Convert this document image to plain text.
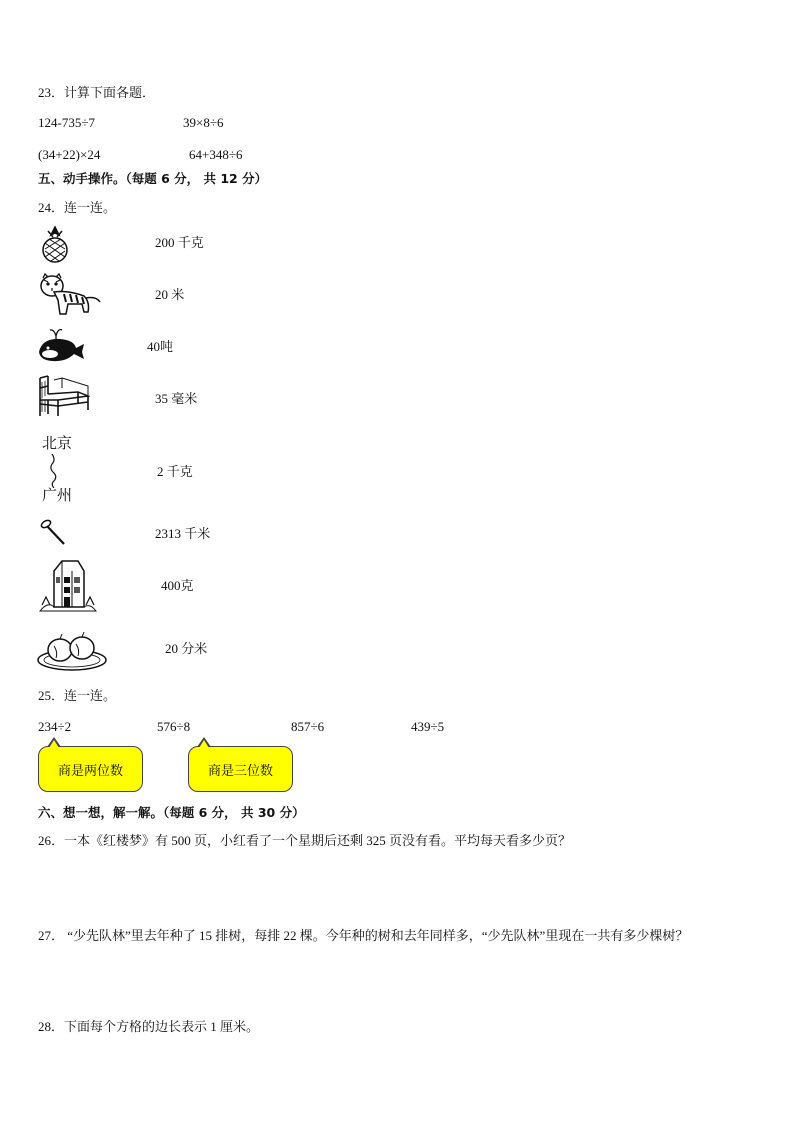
23．计算下面各题．
124-735÷7	39×8÷6
(34+22)×24	64+348÷6
五、动手操作。（每题 6 分， 共 12 分）
24．连一连。
200 千克
20 米
40吨
35 毫米
北京
广州
2 千克
2313 千米
400克
20 分米
25．连一连。
234÷2	576÷8	857÷6	439÷5
商是两位数	商是三位数
六、想一想，解一解。（每题 6 分， 共 30 分）
26．一本《红楼梦》有 500 页，小红看了一个星期后还剩 325 页没有看。平均每天看多少页？
27． “少先队林”里去年种了 15 排树，每排 22 棵。今年种的树和去年同样多，“少先队林”里现在一共有多少棵树？
28．下面每个方格的边长表示 1 厘米。
